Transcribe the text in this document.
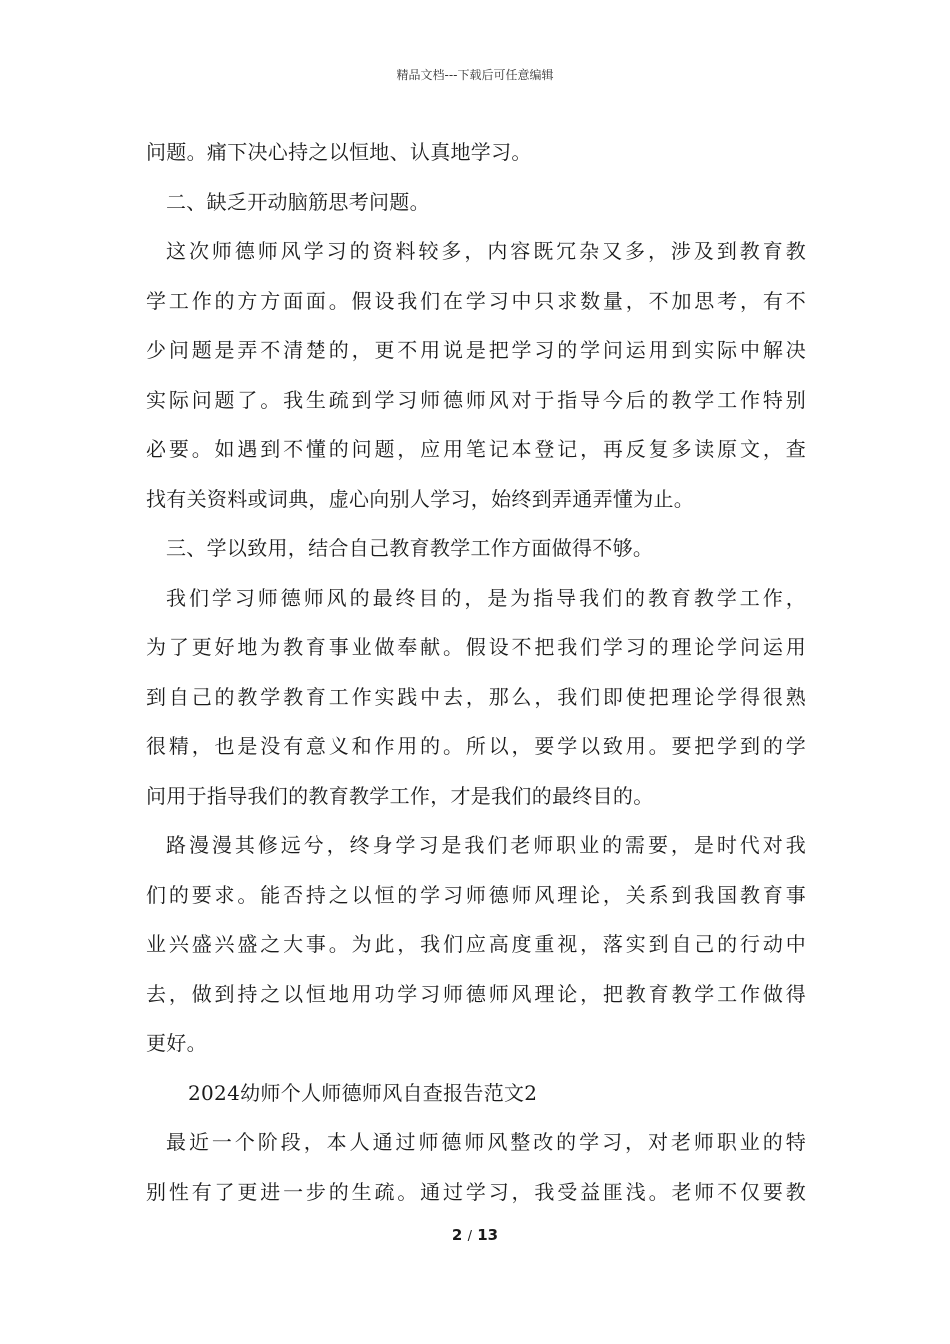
精品文档---下载后可任意编辑
问题。痛下决心持之以恒地、认真地学习。
二、缺乏开动脑筋思考问题。
这次师德师风学习的资料较多，内容既冗杂又多，涉及到教育教
学工作的方方面面。假设我们在学习中只求数量，不加思考，有不
少问题是弄不清楚的，更不用说是把学习的学问运用到实际中解决
实际问题了。我生疏到学习师德师风对于指导今后的教学工作特别
必要。如遇到不懂的问题，应用笔记本登记，再反复多读原文，查
找有关资料或词典，虚心向别人学习，始终到弄通弄懂为止。
三、学以致用，结合自己教育教学工作方面做得不够。
我们学习师德师风的最终目的，是为指导我们的教育教学工作，
为了更好地为教育事业做奉献。假设不把我们学习的理论学问运用
到自己的教学教育工作实践中去，那么，我们即使把理论学得很熟
很精，也是没有意义和作用的。所以，要学以致用。要把学到的学
问用于指导我们的教育教学工作，才是我们的最终目的。
路漫漫其修远兮，终身学习是我们老师职业的需要，是时代对我
们的要求。能否持之以恒的学习师德师风理论，关系到我国教育事
业兴盛兴盛之大事。为此，我们应高度重视，落实到自己的行动中
去，做到持之以恒地用功学习师德师风理论，把教育教学工作做得
更好。
2024幼师个人师德师风自查报告范文2
最近一个阶段，本人通过师德师风整改的学习，对老师职业的特
别性有了更进一步的生疏。通过学习，我受益匪浅。老师不仅要教
2 / 13
